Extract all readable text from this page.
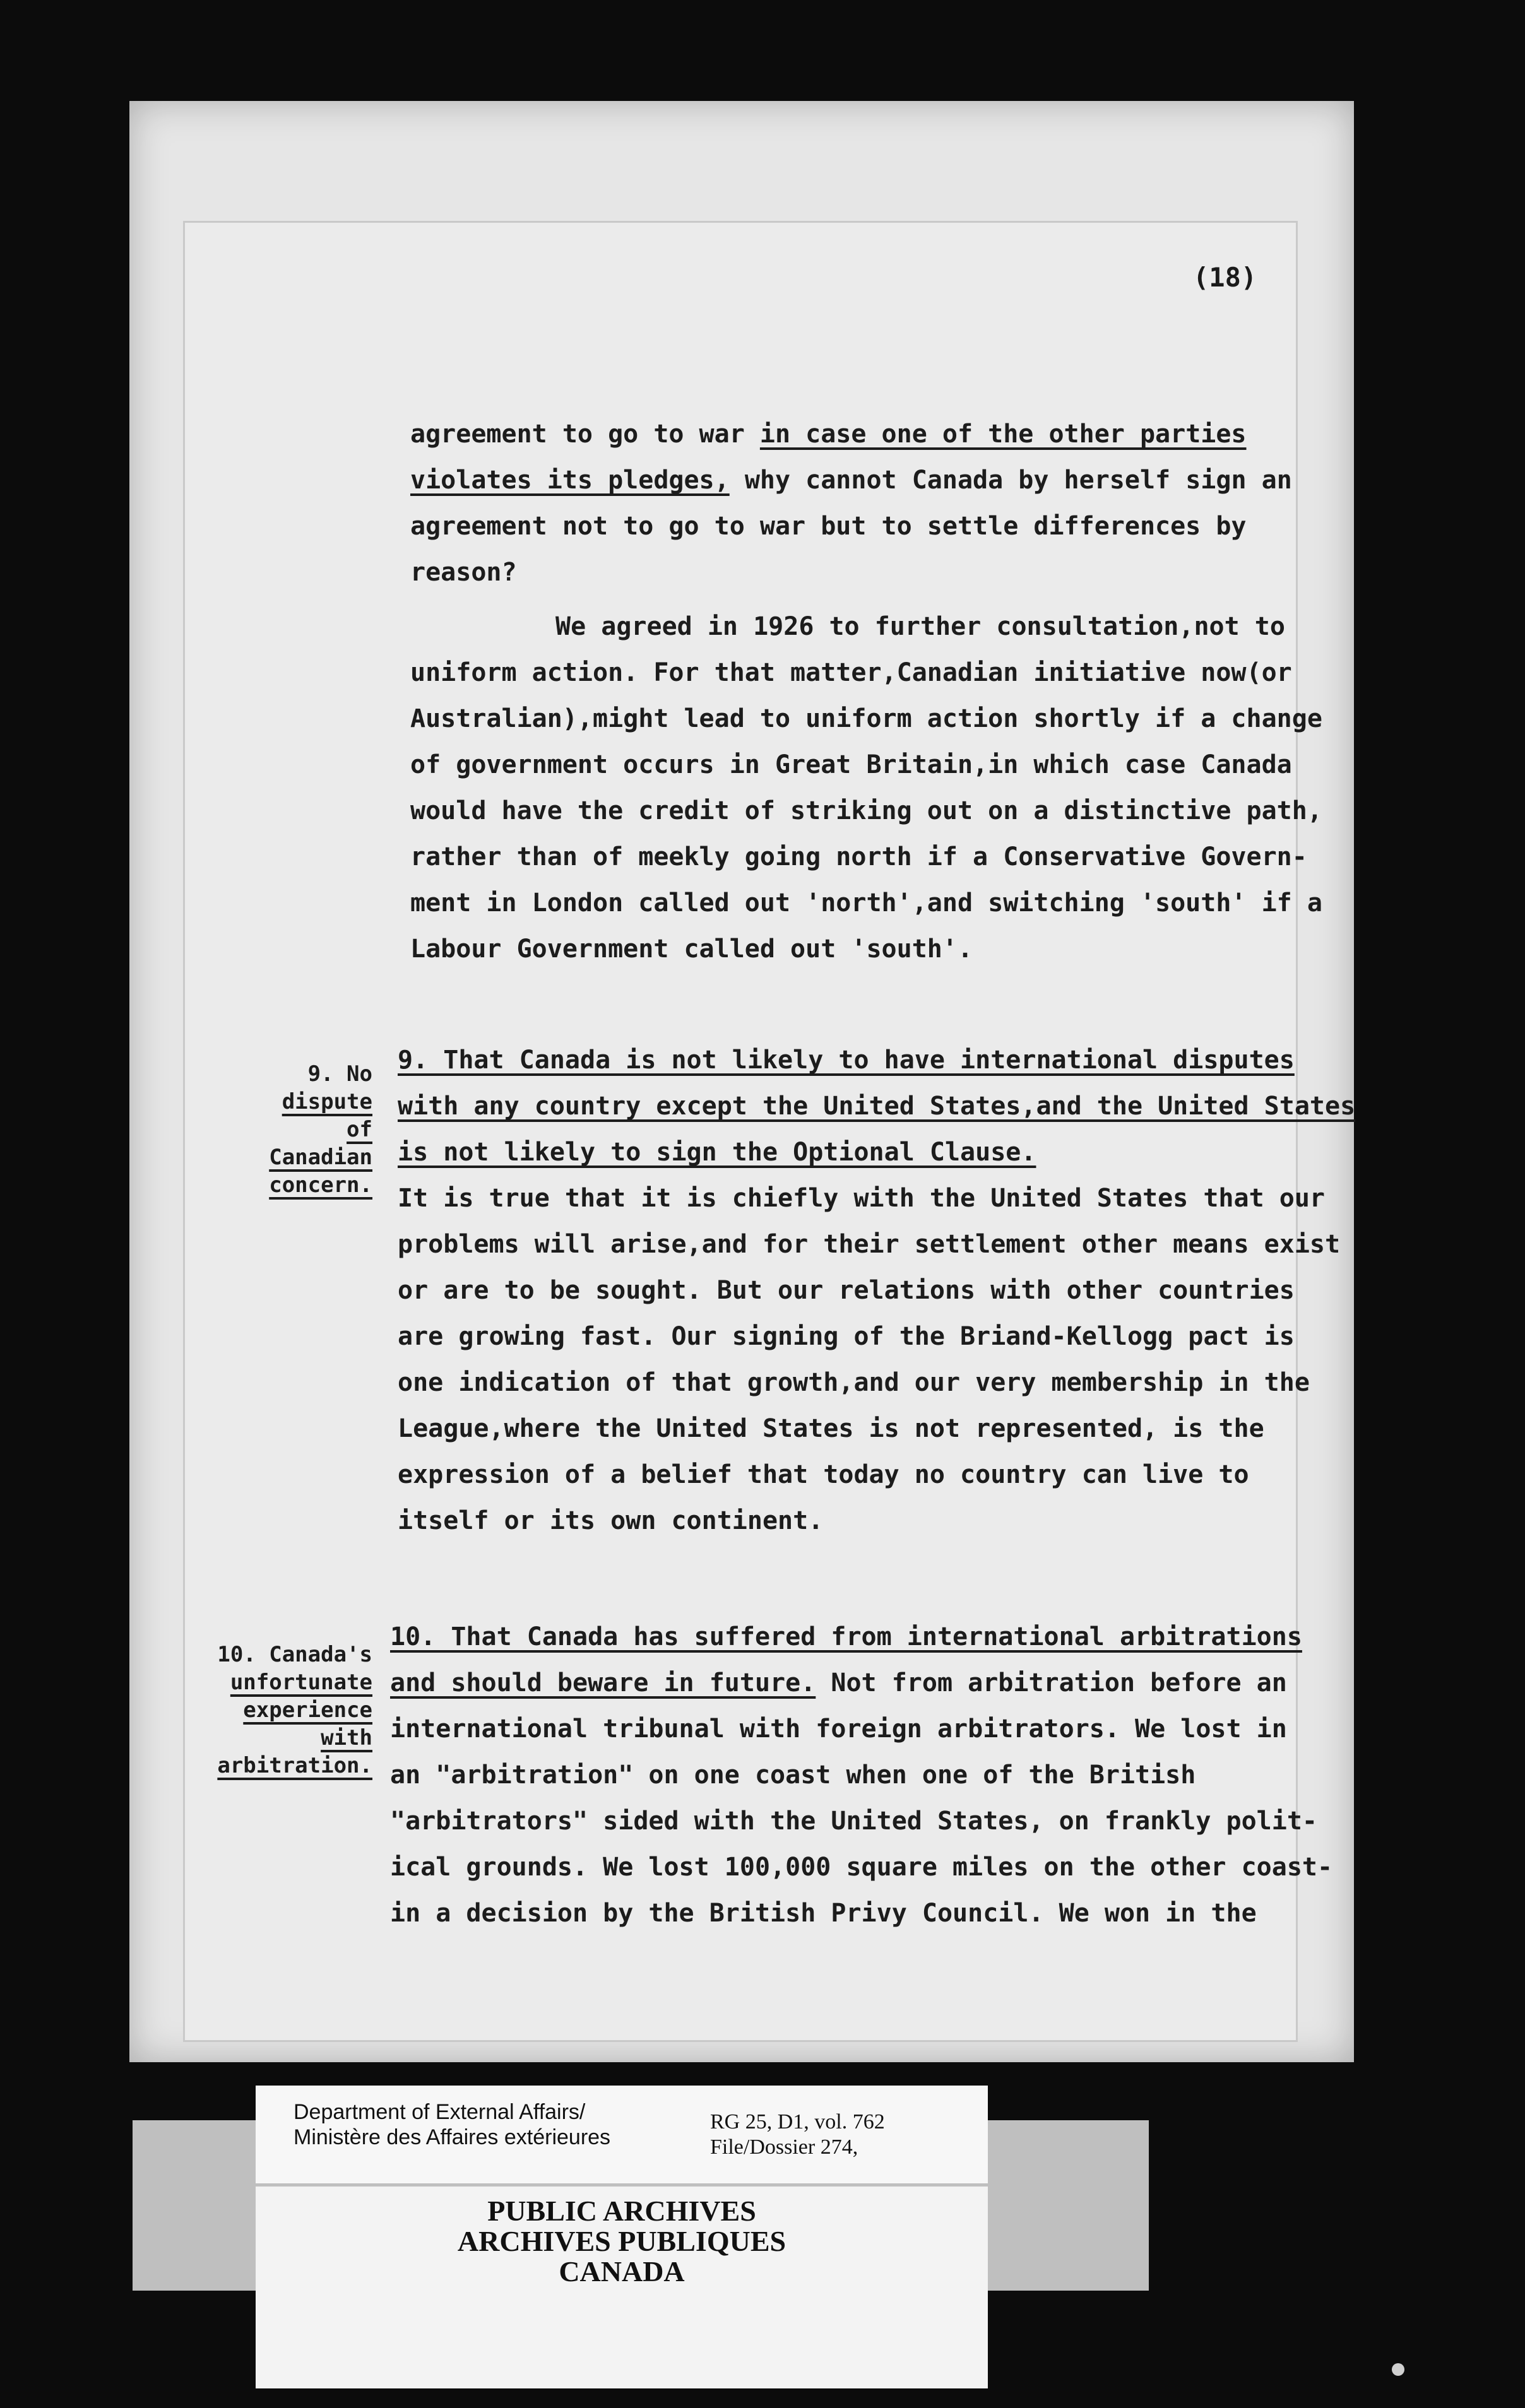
(18)
agreement to go to war in case one of the other parties
violates its pledges, why cannot Canada by herself sign an
agreement not to go to war but to settle differences by
reason?
We agreed in 1926 to further consultation,not to
uniform action. For that matter,Canadian initiative now(or
Australian),might lead to uniform action shortly if a change
of government occurs in Great Britain,in which case Canada
would have the credit of striking out on a distinctive path,
rather than of meekly going north if a Conservative Govern-
ment in London called out 'north',and switching 'south' if a
Labour Government called out 'south'.
9. No
dispute
of
Canadian
concern.
9. That Canada is not likely to have international disputes
with any country except the United States,and the United States
is not likely to sign the Optional Clause.
It is true that it is chiefly with the United States that our
problems will arise,and for their settlement other means exist
or are to be sought. But our relations with other countries
are growing fast. Our signing of the Briand-Kellogg pact is
one indication of that growth,and our very membership in the
League,where the United States is not represented, is the
expression of a belief that today no country can live to
itself or its own continent.
10. Canada's
unfortunate
experience
with
arbitration.
10. That Canada has suffered from international arbitrations
and should beware in future. Not from arbitration before an
international tribunal with foreign arbitrators. We lost in
an "arbitration" on one coast when one of the British
"arbitrators" sided with the United States, on frankly polit-
ical grounds. We lost 100,000 square miles on the other coast-
in a decision by the British Privy Council. We won in the
Department of External Affairs/
Ministère des Affaires extérieures
RG 25, D1, vol. 762
File/Dossier 274,
PUBLIC ARCHIVES
ARCHIVES PUBLIQUES
CANADA
